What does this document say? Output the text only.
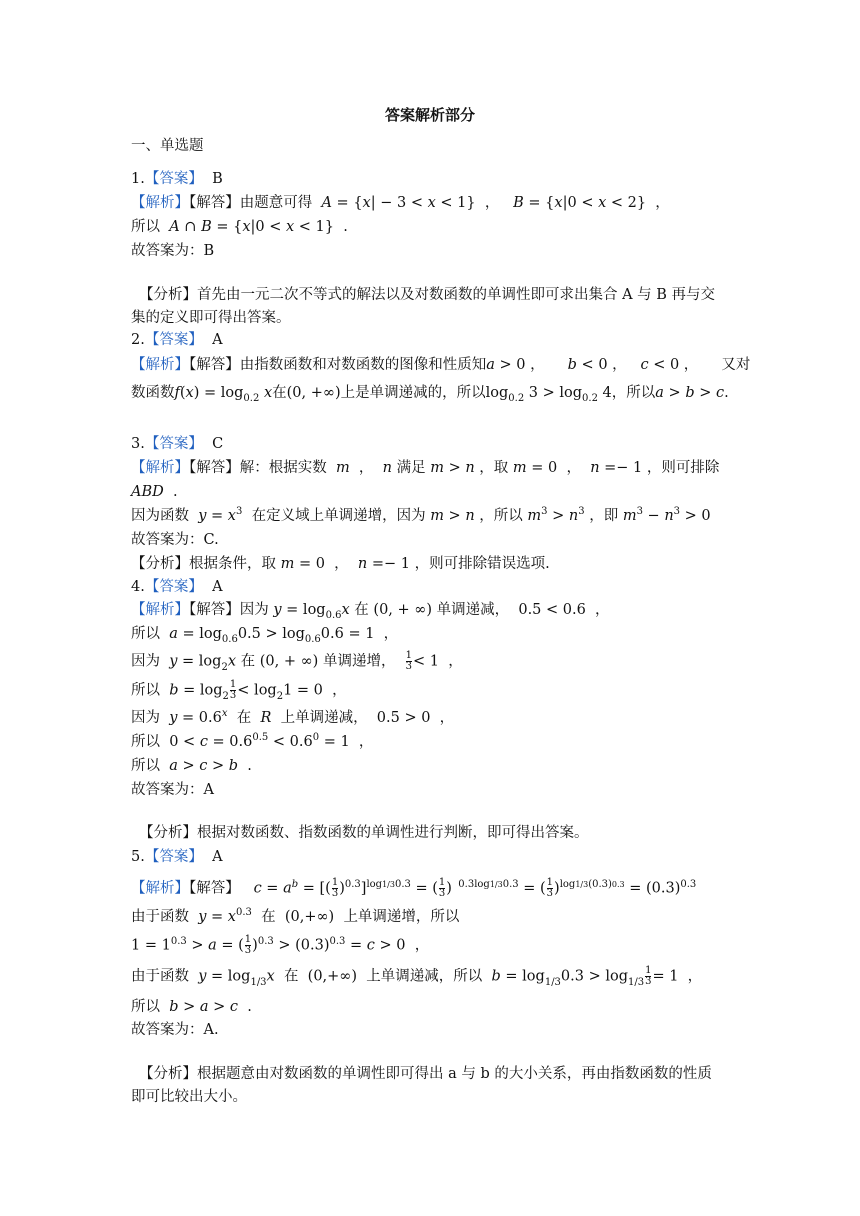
答案解析部分
一、单选题
1.【答案】 B
【解析】【解答】由题意可得  A = {x| − 3 < x < 1}  ，   B = {x|0 < x < 2}  ，
所以 A ∩ B = {x|0 < x < 1}  .
故答案为：B
【分析】首先由一元二次不等式的解法以及对数函数的单调性即可求出集合 A 与 B 再与交
集的定义即可得出答案。
2.【答案】 A
【解析】【解答】由指数函数和对数函数的图像和性质知a > 0 ，     b < 0 ，   c < 0 ，     又对
数函数$f(x) = \log_{0.2} x$在(0, +∞)上是单调递减的，所以$\log_{0.2} 3 > \log_{0.2} 4$，所以a > b > c.
3.【答案】 C
【解析】【解答】解：根据实数 m  ，  n 满足 m > n ，取 m = 0  ，  n =− 1 ，则可排除
ABD  .
因为函数 $y = x^3$ 在定义域上单调递增，因为 m > n ，所以 $m^3 > n^3$ ，即 $m^3 - n^3 > 0$
故答案为：C.
【分析】根据条件，取 m = 0  ，  n =− 1 ，则可排除错误选项.
4.【答案】 A
【解析】【解答】因为 $y = \log_{0.6}x$ 在 (0, + ∞) 单调递减，  0.5 < 0.6  ，
所以 $a = \log_{0.6}0.5 > \log_{0.6}0.6 = 1$  ，
因为 $y = \log_2x$ 在 (0, + ∞) 单调递增， $\frac{1}{3} < 1$  ，
所以 $b = \log_2 \frac{1}{3} < \log_21 = 0$  ，
因为 $y = 0.6^x$ 在 R 上单调递减，  0.5 > 0  ，
所以  $0 < c = 0.6^{0.5} < 0.6^0 = 1$  ，
所以 a > c > b  .
故答案为：A
【分析】根据对数函数、指数函数的单调性进行判断，即可得出答案。
5.【答案】 A
【解析】【解答】 $c = a^b$ = [( $\frac{1}{3} )^{0.3}]^{log1/30.3}$ = ( $\frac{1}{3}$ )  $^{0.3log1/30.3}$ = ( $\frac{1}{3} )^{log1/3(0.3)0.3} = (0.3)^{0.3}$
由于函数 $y = x^{0.3}$ 在  (0,+∞)  上单调递增，所以
$1 = 1^{0.3} > a$ = ( $\frac{1}{3} )^{0.3} > (0.3)^{0.3} = c > 0$  ，
由于函数 $y = \log_{1/3}x$ 在  (0,+∞)  上单调递减，所以 $b = \log_{1/3}0.3 > \log_{1/3} \frac{1}{3} = 1$  ，
所以 b > a > c  .
故答案为：A.
【分析】根据题意由对数函数的单调性即可得出 a 与 b 的大小关系，再由指数函数的性质
即可比较出大小。
